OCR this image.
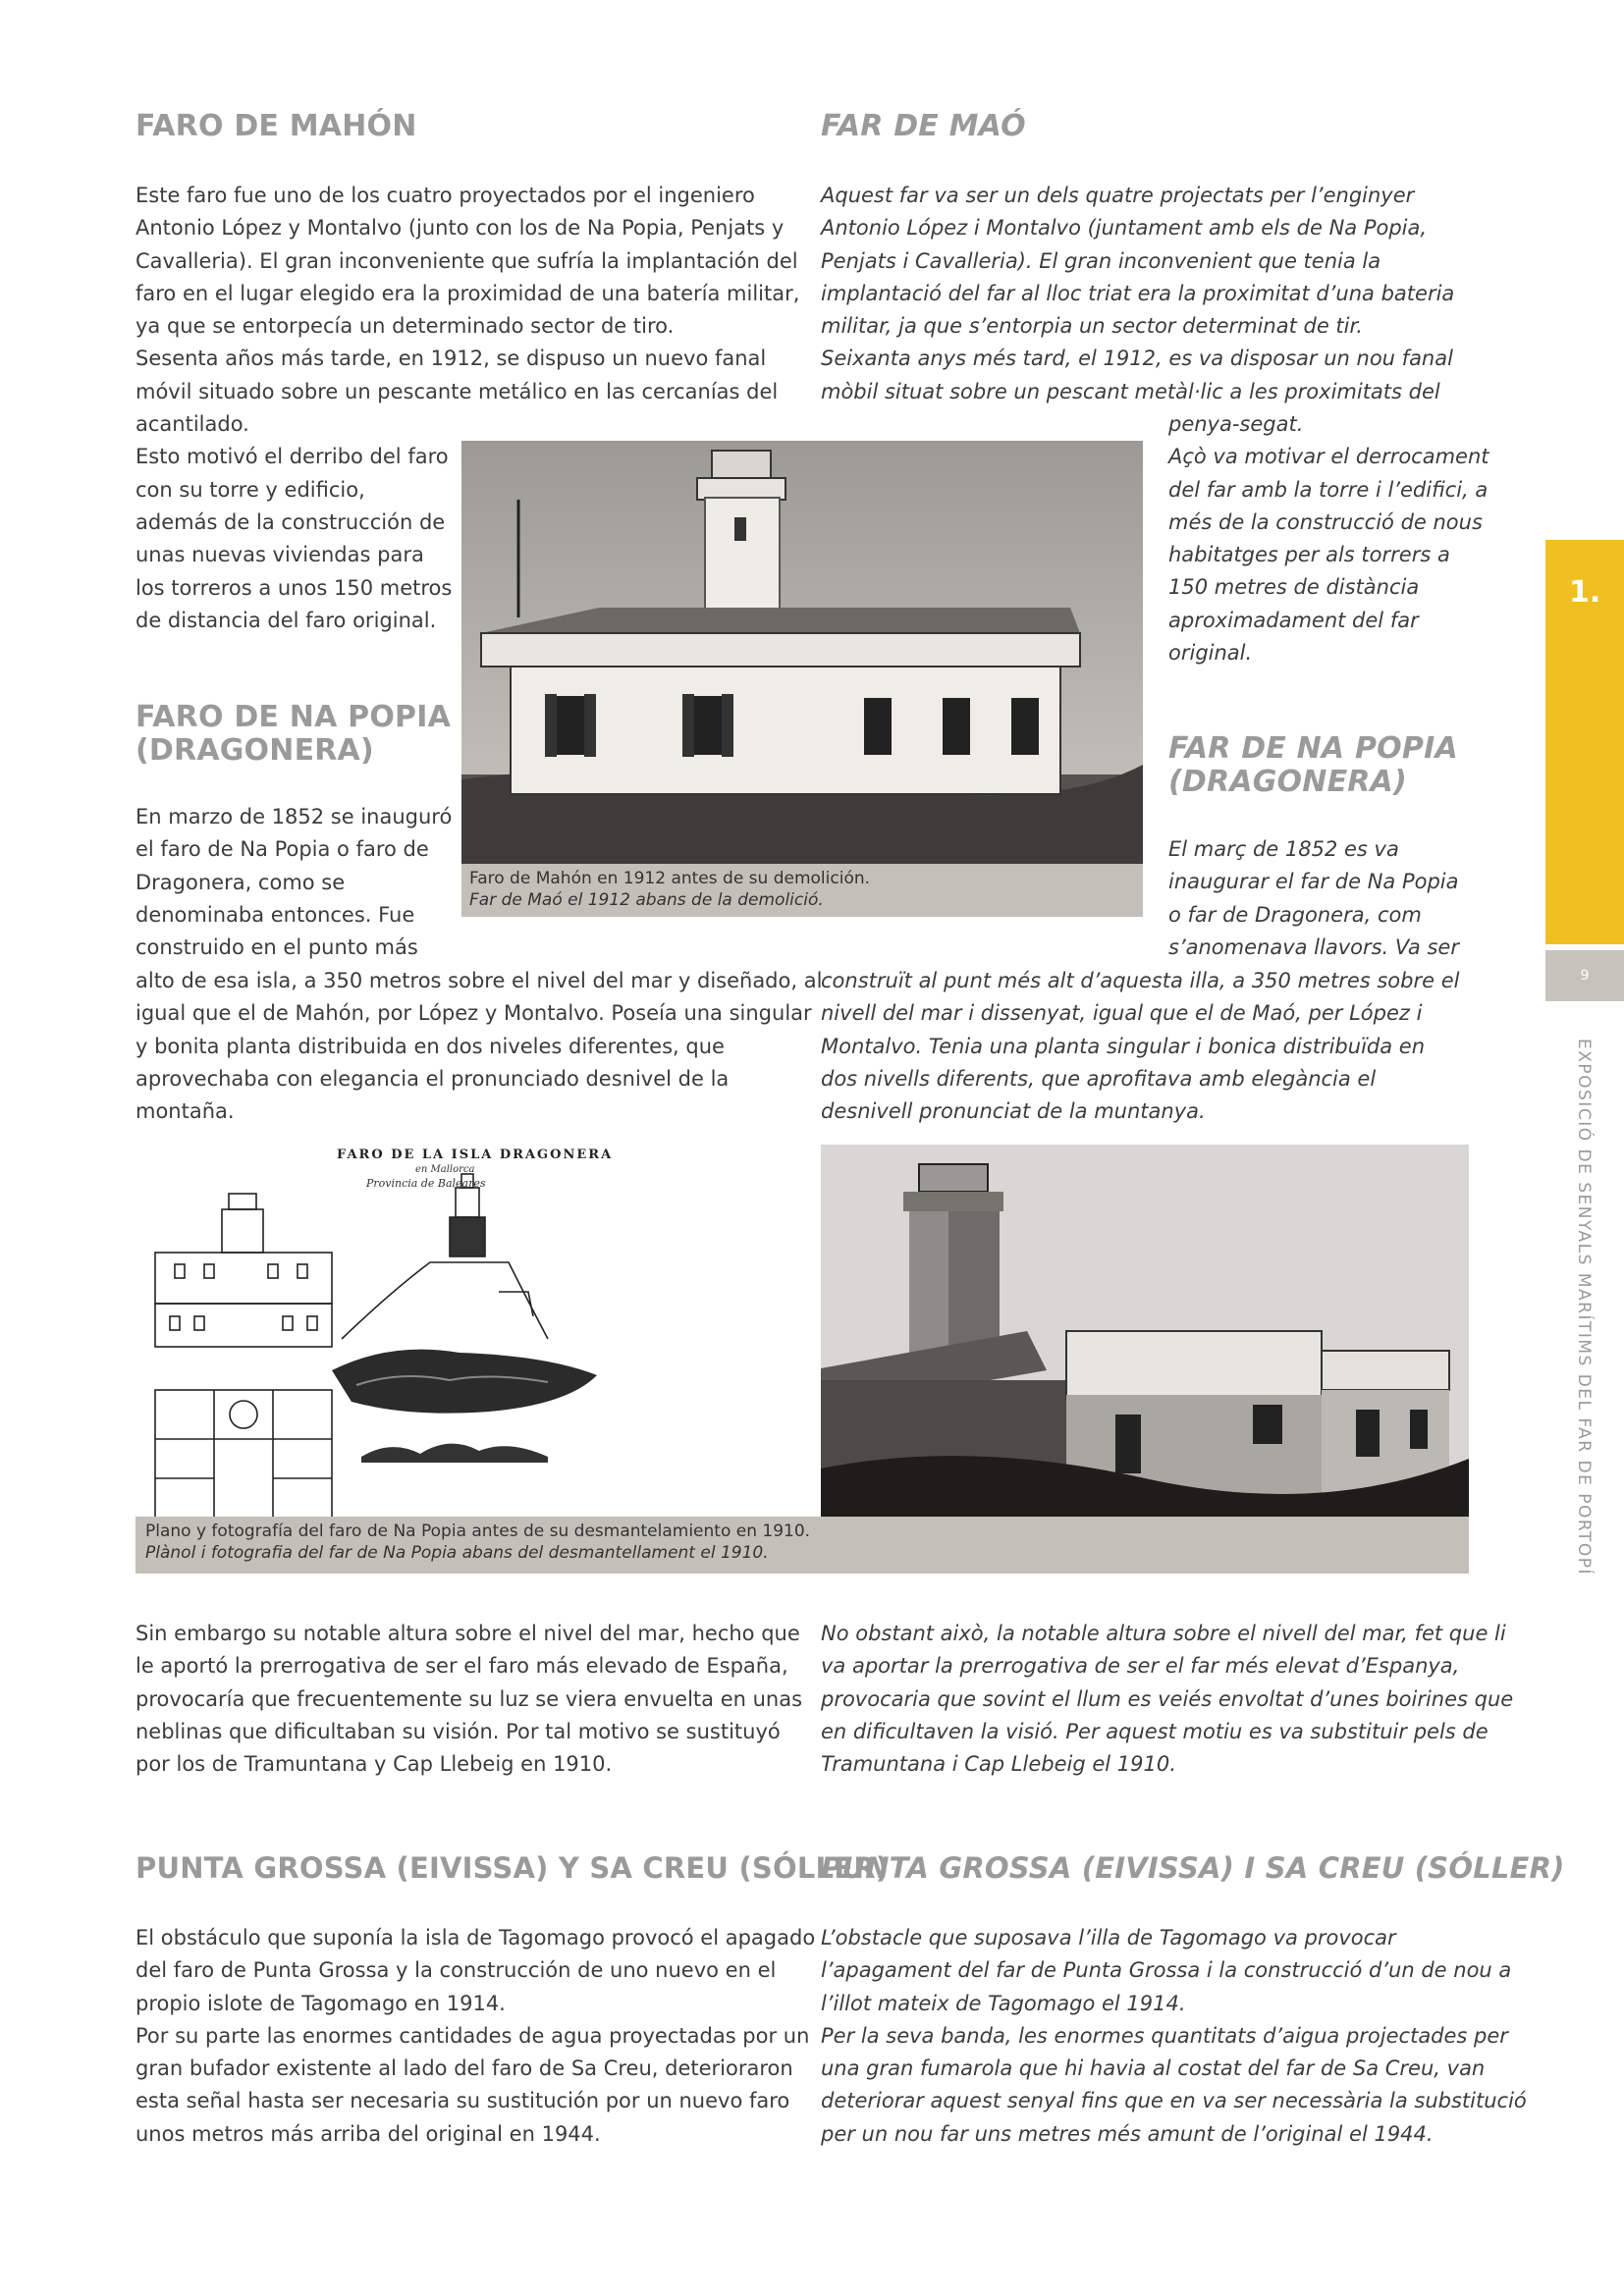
FARO DE MAHÓN
Este faro fue uno de los cuatro proyectados por el ingeniero
Antonio López y Montalvo (junto con los de Na Popia, Penjats y
Cavalleria). El gran inconveniente que sufría la implantación del
faro en el lugar elegido era la proximidad de una batería militar,
ya que se entorpecía un determinado sector de tiro.
Sesenta años más tarde, en 1912, se dispuso un nuevo fanal
móvil situado sobre un pescante metálico en las cercanías del
acantilado.
Esto motivó el derribo del faro
con su torre y edificio,
además de la construcción de
unas nuevas viviendas para
los torreros a unos 150 metros
de distancia del faro original.
FARO DE NA POPIA
(DRAGONERA)
En marzo de 1852 se inauguró
el faro de Na Popia o faro de
Dragonera, como se
denominaba entonces. Fue
construido en el punto más
alto de esa isla, a 350 metros sobre el nivel del mar y diseñado, al
igual que el de Mahón, por López y Montalvo. Poseía una singular
y bonita planta distribuida en dos niveles diferentes, que
aprovechaba con elegancia el pronunciado desnivel de la
montaña.
Sin embargo su notable altura sobre el nivel del mar, hecho que
le aportó la prerrogativa de ser el faro más elevado de España,
provocaría que frecuentemente su luz se viera envuelta en unas
neblinas que dificultaban su visión. Por tal motivo se sustituyó
por los de Tramuntana y Cap Llebeig en 1910.
PUNTA GROSSA (EIVISSA) Y SA CREU (SÓLLER)
El obstáculo que suponía la isla de Tagomago provocó el apagado
del faro de Punta Grossa y la construcción de uno nuevo en el
propio islote de Tagomago en 1914.
Por su parte las enormes cantidades de agua proyectadas por un
gran bufador existente al lado del faro de Sa Creu, deterioraron
esta señal hasta ser necesaria su sustitución por un nuevo faro
unos metros más arriba del original en 1944.
FAR DE MAÓ
Aquest far va ser un dels quatre projectats per l’enginyer
Antonio López i Montalvo (juntament amb els de Na Popia,
Penjats i Cavalleria). El gran inconvenient que tenia la
implantació del far al lloc triat era la proximitat d’una bateria
militar, ja que s’entorpia un sector determinat de tir.
Seixanta anys més tard, el 1912, es va disposar un nou fanal
mòbil situat sobre un pescant metàl·lic a les proximitats del
penya-segat.
Açò va motivar el derrocament
del far amb la torre i l’edifici, a
més de la construcció de nous
habitatges per als torrers a
150 metres de distància
aproximadament del far
original.
FAR DE NA POPIA
(DRAGONERA)
El març de 1852 es va
inaugurar el far de Na Popia
o far de Dragonera, com
s’anomenava llavors. Va ser
construït al punt més alt d’aquesta illa, a 350 metres sobre el
nivell del mar i dissenyat, igual que el de Maó, per López i
Montalvo. Tenia una planta singular i bonica distribuïda en
dos nivells diferents, que aprofitava amb elegància el
desnivell pronunciat de la muntanya.
No obstant això, la notable altura sobre el nivell del mar, fet que li
va aportar la prerrogativa de ser el far més elevat d’Espanya,
provocaria que sovint el llum es veiés envoltat d’unes boirines que
en dificultaven la visió. Per aquest motiu es va substituir pels de
Tramuntana i Cap Llebeig el 1910.
PUNTA GROSSA (EIVISSA) I SA CREU (SÓLLER)
L’obstacle que suposava l’illa de Tagomago va provocar
l’apagament del far de Punta Grossa i la construcció d’un de nou a
l’illot mateix de Tagomago el 1914.
Per la seva banda, les enormes quantitats d’aigua projectades per
una gran fumarola que hi havia al costat del far de Sa Creu, van
deteriorar aquest senyal fins que en va ser necessària la substitució
per un nou far uns metres més amunt de l’original el 1944.
Faro de Mahón en 1912 antes de su demolición.
Far de Maó el 1912 abans de la demolició.
FARO DE LA ISLA DRAGONERA
en Mallorca
Provincia de Baleares
Plano y fotografía del faro de Na Popia antes de su desmantelamiento en 1910.
Plànol i fotografia del far de Na Popia abans del desmantellament el 1910.
1.
9
EXPOSICIÓ DE SENYALS MARÍTIMS DEL FAR DE PORTOPÍ
